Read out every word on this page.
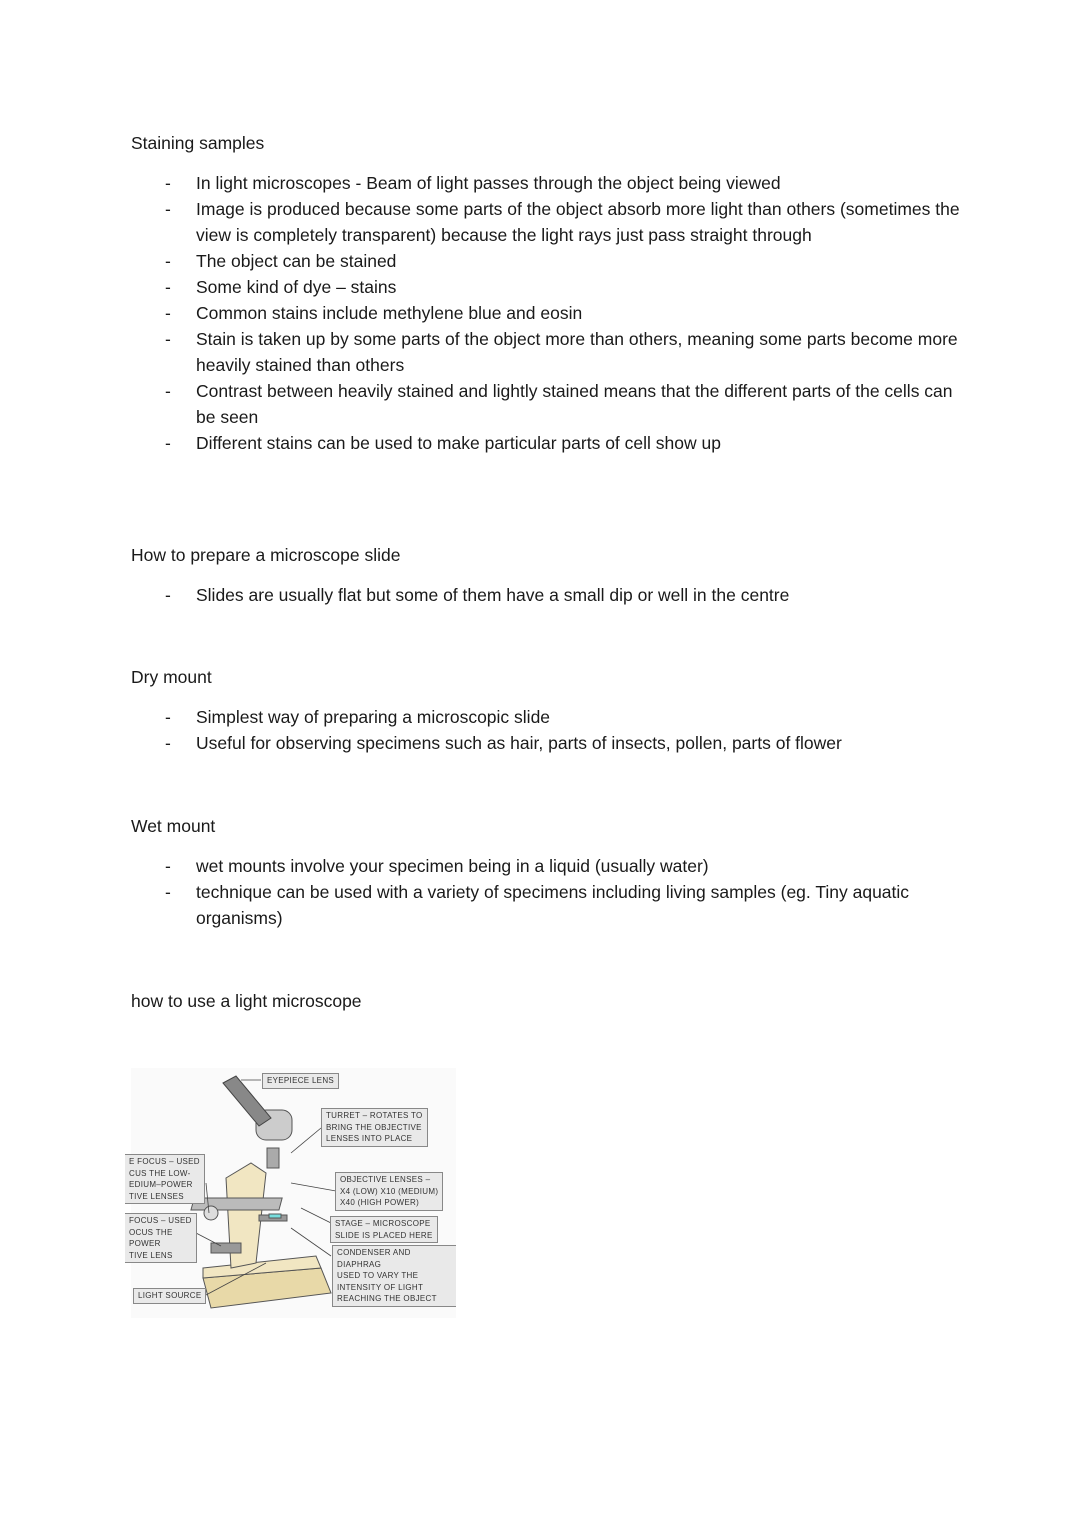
Staining samples
- In light microscopes - Beam of light passes through the object being viewed
- Image is produced because some parts of the object absorb more light than others (sometimes the view is completely transparent) because the light rays just pass straight through
- The object can be stained
- Some kind of dye – stains
- Common stains include methylene blue and eosin
- Stain is taken up by some parts of the object more than others, meaning some parts become more heavily stained than others
- Contrast between heavily stained and lightly stained means that the different parts of the cells can be seen
- Different stains can be used to make particular parts of cell show up
How to prepare a microscope slide
- Slides are usually flat but some of them have a small dip or well in the centre
Dry mount
- Simplest way of preparing a microscopic slide
- Useful for observing specimens such as hair, parts of insects, pollen, parts of flower
Wet mount
- wet mounts involve your specimen being in a liquid (usually water)
- technique can be used with a variety of specimens including living samples (eg. Tiny aquatic organisms)
how to use a light microscope
EYEPIECE LENS
TURRET – ROTATES TO
BRING THE OBJECTIVE
LENSES INTO PLACE
E FOCUS – USED
CUS THE LOW-
EDIUM–POWER
TIVE LENSES
FOCUS – USED
OCUS THE
POWER
TIVE LENS
OBJECTIVE LENSES –
X4 (LOW) X10 (MEDIUM)
X40 (HIGH POWER)
STAGE – MICROSCOPE
SLIDE IS PLACED HERE
CONDENSER AND DIAPHRAG
USED TO VARY THE
INTENSITY OF LIGHT
REACHING THE OBJECT
LIGHT SOURCE
